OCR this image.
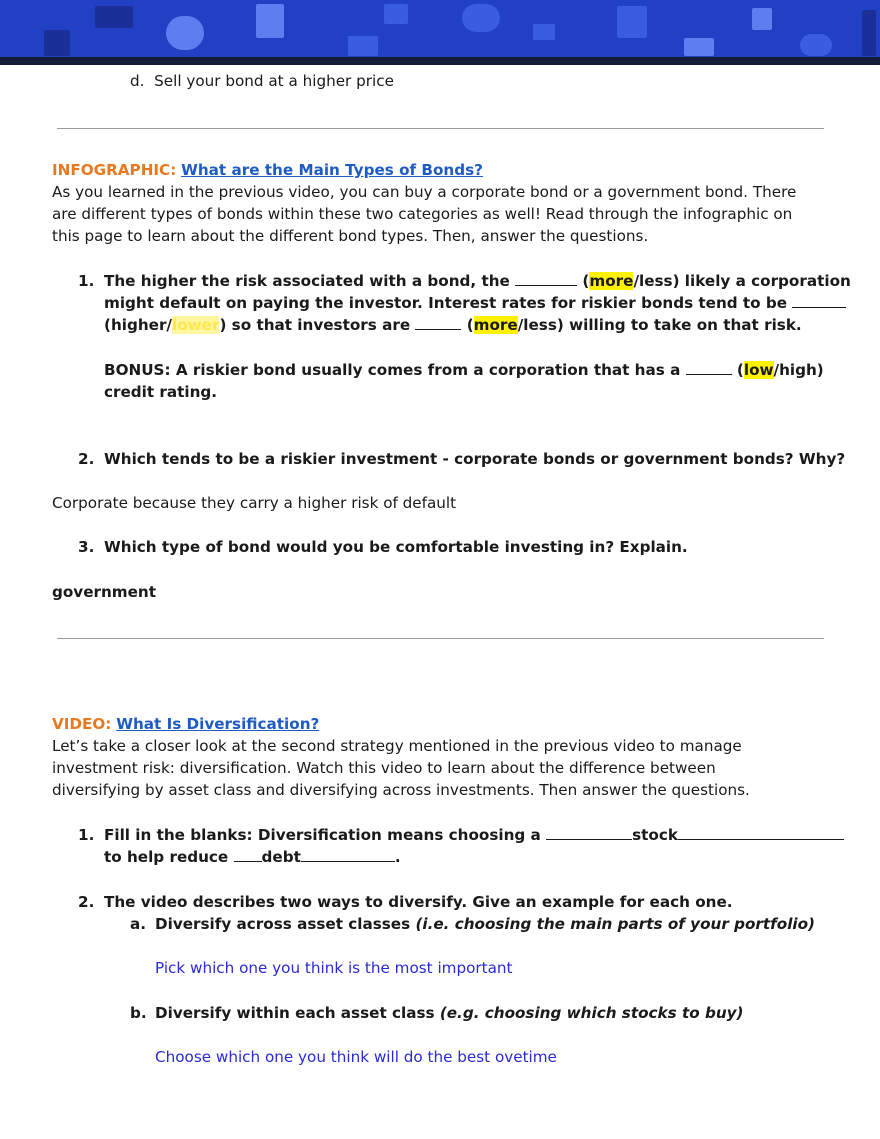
d. Sell your bond at a higher price
INFOGRAPHIC: What are the Main Types of Bonds?
As you learned in the previous video, you can buy a corporate bond or a government bond. There
are different types of bonds within these two categories as well! Read through the infographic on
this page to learn about the different bond types. Then, answer the questions.
1. The higher the risk associated with a bond, the	(more/less) likely a corporation
might default on paying the investor. Interest rates for riskier bonds tend to be
(higher/lower) so that investors are	(more/less) willing to take on that risk.
BONUS: A riskier bond usually comes from a corporation that has a	(low/high)
credit rating.
2. Which tends to be a riskier investment - corporate bonds or government bonds? Why?
Corporate because they carry a higher risk of default
3. Which type of bond would you be comfortable investing in? Explain.
government
VIDEO: What Is Diversification?
Let’s take a closer look at the second strategy mentioned in the previous video to manage
investment risk: diversification. Watch this video to learn about the difference between
diversifying by asset class and diversifying across investments. Then answer the questions.
1. Fill in the blanks: Diversification means choosing a	stock
to help reduce debt	.
2. The video describes two ways to diversify. Give an example for each one.
a. Diversify across asset classes (i.e. choosing the main parts of your portfolio)
Pick which one you think is the most important
b. Diversify within each asset class (e.g. choosing which stocks to buy)
Choose which one you think will do the best ovetime
